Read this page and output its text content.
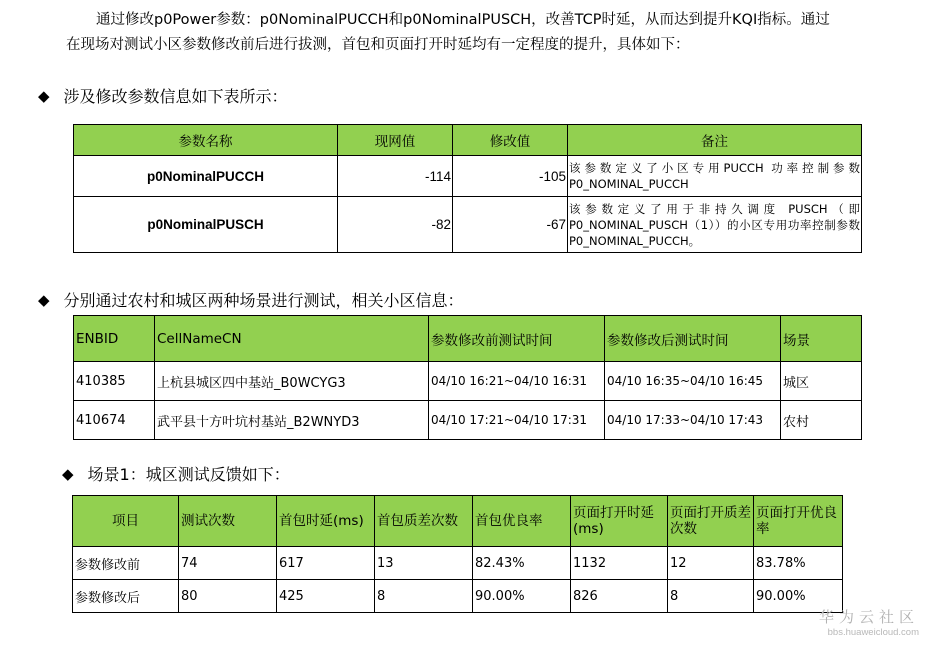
通过修改p0Power参数：p0NominalPUCCH和p0NominalPUSCH，改善TCP时延，从而达到提升KQI指标。通过
在现场对测试小区参数修改前后进行拔测，首包和页面打开时延均有一定程度的提升，具体如下：
◆ 涉及修改参数信息如下表所示：
参数名称	现网值	修改值	备注
p0NominalPUCCH	-114	-105	该参数定义了小区专用PUCCH 功率控制参数P0_NOMINAL_PUCCH
p0NominalPUSCH	-82	-67	该参数定义了用于非持久调度 PUSCH（即P0_NOMINAL_PUSCH（1））的小区专用功率控制参数P0_NOMINAL_PUCCH。
◆ 分别通过农村和城区两种场景进行测试，相关小区信息：
ENBID	CellNameCN	参数修改前测试时间	参数修改后测试时间	场景
410385	上杭县城区四中基站_B0WCYG3	04/10 16:21~04/10 16:31	04/10 16:35~04/10 16:45	城区
410674	武平县十方叶坑村基站_B2WNYD3	04/10 17:21~04/10 17:31	04/10 17:33~04/10 17:43	农村
◆ 场景1：城区测试反馈如下：
项目	测试次数	首包时延(ms)	首包质差次数	首包优良率	页面打开时延(ms)	页面打开质差次数	页面打开优良率
参数修改前	74	617	13	82.43%	1132	12	83.78%
参数修改后	80	425	8	90.00%	826	8	90.00%
华为云社区
bbs.huaweicloud.com
